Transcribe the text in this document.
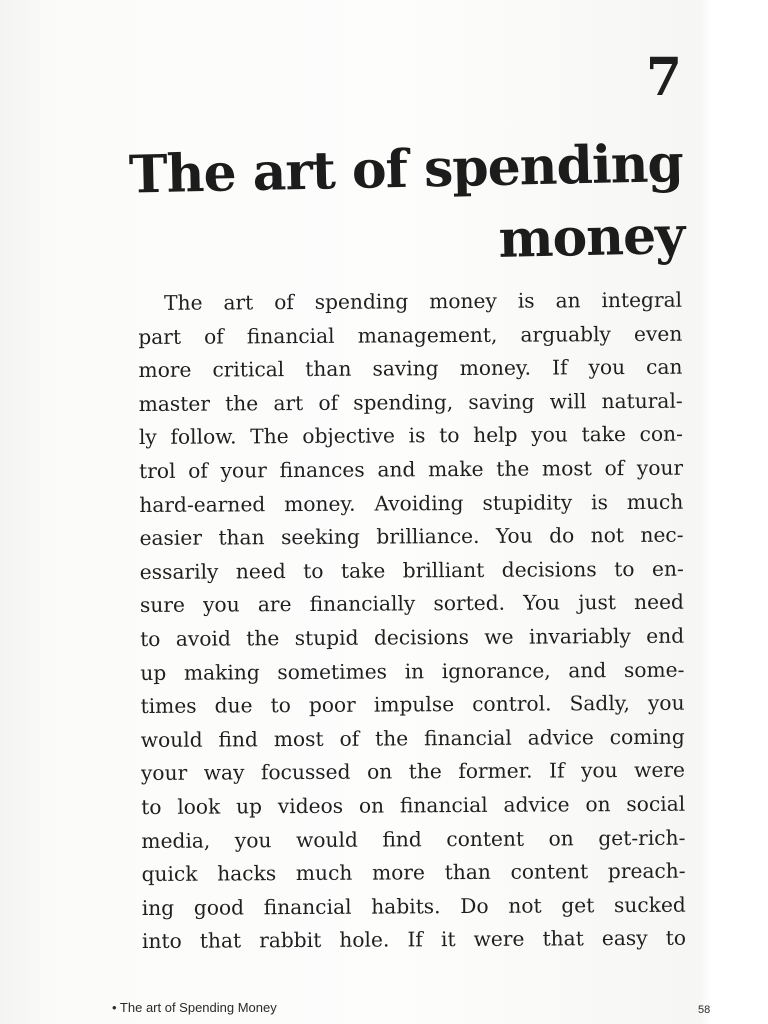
7
The art of spending
money
The art of spending money is an integral
part of financial management, arguably even
more critical than saving money. If you can
master the art of spending, saving will natural-
ly follow. The objective is to help you take con-
trol of your finances and make the most of your
hard-earned money. Avoiding stupidity is much
easier than seeking brilliance. You do not nec-
essarily need to take brilliant decisions to en-
sure you are financially sorted. You just need
to avoid the stupid decisions we invariably end
up making sometimes in ignorance, and some-
times due to poor impulse control. Sadly, you
would find most of the financial advice coming
your way focussed on the former. If you were
to look up videos on financial advice on social
media, you would find content on get-rich-
quick hacks much more than content preach-
ing good financial habits. Do not get sucked
into that rabbit hole. If it were that easy to
• The art of Spending Money	58
